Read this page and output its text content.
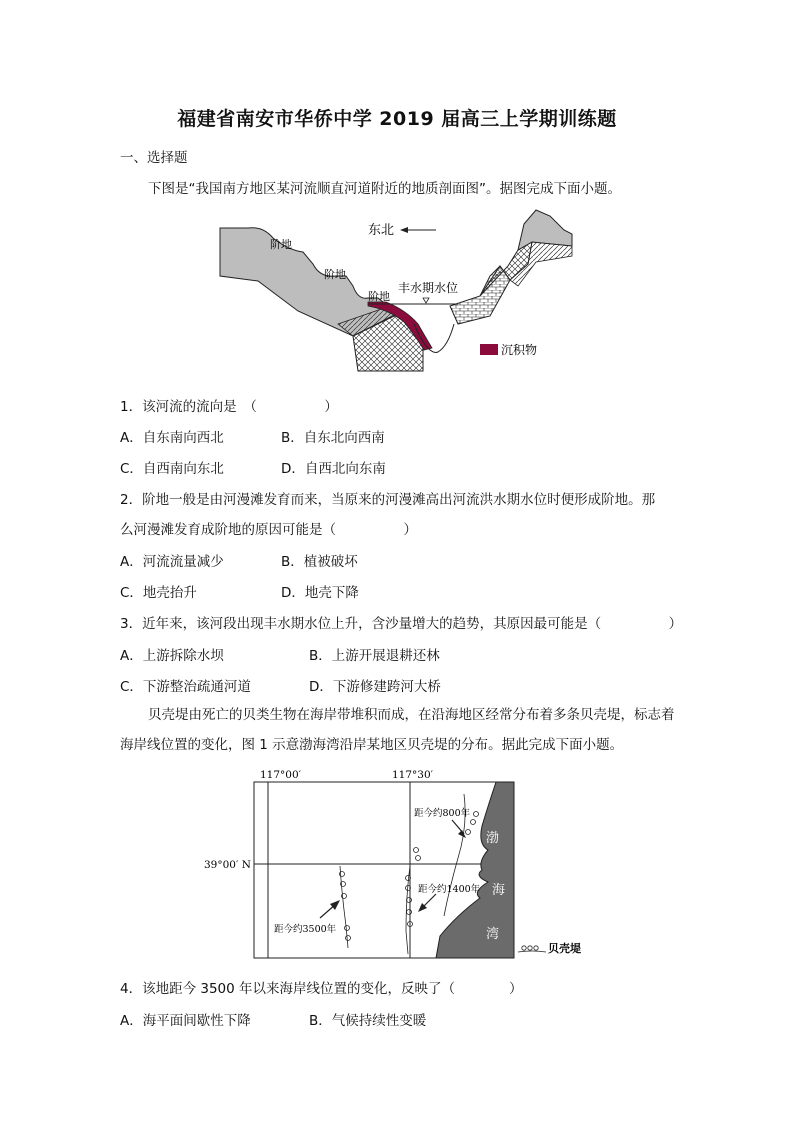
福建省南安市华侨中学 2019 届高三上学期训练题
一、选择题
下图是“我国南方地区某河流顺直河道附近的地质剖面图”。据图完成下面小题。
东北
阶地
阶地
阶地
丰水期水位
沉积物
1．该河流的流向是　（　　　　　）
A．自东南向西北	B．自东北向西南
C．自西南向东北	D．自西北向东南
2．阶地一般是由河漫滩发育而来，当原来的河漫滩高出河流洪水期水位时便形成阶地。那
么河漫滩发育成阶地的原因可能是（　　　　　）
A．河流流量减少	B．植被破坏
C．地壳抬升	D．地壳下降
3．近年来，该河段出现丰水期水位上升，含沙量增大的趋势，其原因最可能是（　　　　　）
A．上游拆除水坝	B．上游开展退耕还林
C．下游整治疏通河道	D．下游修建跨河大桥
贝壳堤由死亡的贝类生物在海岸带堆积而成，在沿海地区经常分布着多条贝壳堤，标志着海岸线位置的变化，图 1 示意渤海湾沿岸某地区贝壳堤的分布。据此完成下面小题。
117°00′	117°30′
39°00′ N
距今约800年
距今约1400年
距今约3500年
渤
海
湾
贝壳堤
4．该地距今 3500 年以来海岸线位置的变化，反映了（　　　　）
A．海平面间歇性下降	B．气候持续性变暖
